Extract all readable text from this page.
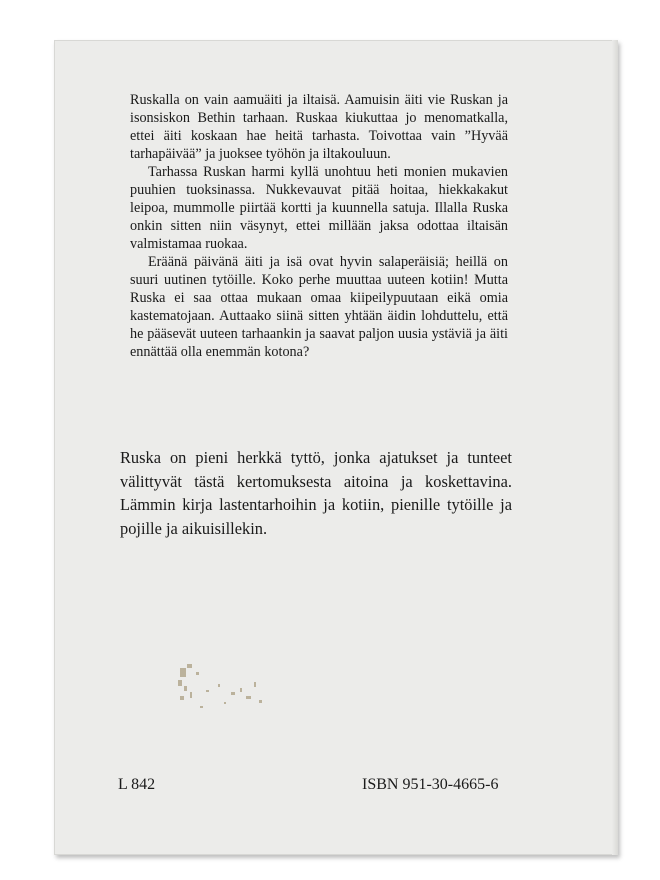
Ruskalla on vain aamuäiti ja iltaisä. Aamuisin äiti vie Ruskan ja isonsiskon Bethin tarhaan. Ruskaa kiukuttaa jo menomatkalla, ettei äiti koskaan hae heitä tarhasta. Toivottaa vain ”Hyvää tarhapäivää” ja juoksee työhön ja iltakouluun.

Tarhassa Ruskan harmi kyllä unohtuu heti monien mukavien puuhien tuoksinassa. Nukkevauvat pitää hoitaa, hiekkakakut leipoa, mummolle piirtää kortti ja kuunnella satuja. Illalla Ruska onkin sitten niin väsynyt, ettei millään jaksa odottaa iltaisän valmistamaa ruokaa.

Eräänä päivänä äiti ja isä ovat hyvin salaperäisiä; heillä on suuri uutinen tytöille. Koko perhe muuttaa uuteen kotiin! Mutta Ruska ei saa ottaa mukaan omaa kiipeilypuutaan eikä omia kastematojaan. Auttaako siinä sitten yhtään äidin lohduttelu, että he pääsevät uuteen tarhaankin ja saavat paljon uusia ystäviä ja äiti ennättää olla enemmän kotona?

Ruska on pieni herkkä tyttö, jonka ajatukset ja tunteet välittyvät tästä kertomuksesta aitoina ja koskettavina. Lämmin kirja lastentarhoihin ja kotiin, pienille tytöille ja pojille ja aikuisillekin.

L 842	ISBN 951-30-4665-6
